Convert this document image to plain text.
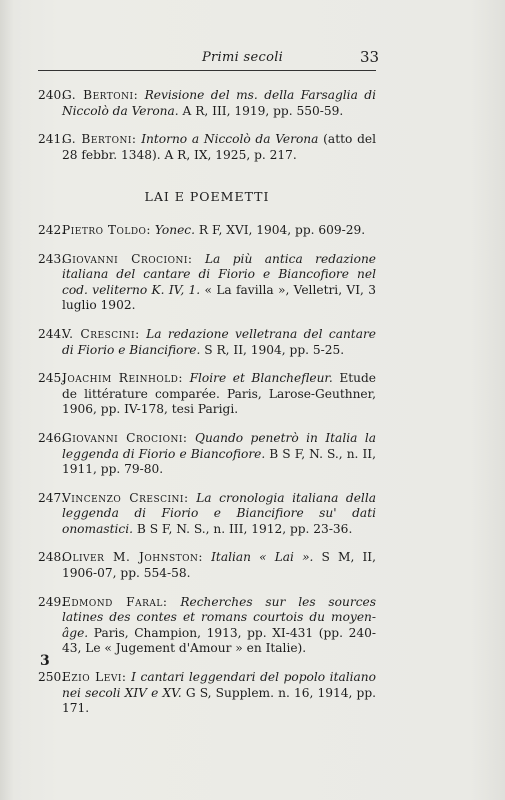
Primi secoli	33
240.
G. Bertoni: Revisione del ms. della Farsaglia di Niccolò da Verona. A R, III, 1919, pp. 550-59.
241.
G. Bertoni: Intorno a Niccolò da Verona (atto del 28 febbr. 1348). A R, IX, 1925, p. 217.
LAI E POEMETTI
242.
Pietro Toldo: Yonec. R F, XVI, 1904, pp. 609-29.
243.
Giovanni Crocioni: La più antica redazione italiana del cantare di Fiorio e Biancofiore nel cod. veliterno K. IV, 1. « La favilla », Velletri, VI, 3 luglio 1902.
244.
V. Crescini: La redazione velletrana del cantare di Fiorio e Biancifiore. S R, II, 1904, pp. 5-25.
245.
Joachim Reinhold: Floire et Blanchefleur. Etude de littérature comparée. Paris, Larose-Geuthner, 1906, pp. IV-178, tesi Parigi.
246.
Giovanni Crocioni: Quando penetrò in Italia la leggenda di Fiorio e Biancofiore. B S F, N. S., n. II, 1911, pp. 79-80.
247.
Vincenzo Crescini: La cronologia italiana della leggenda di Fiorio e Biancifiore su' dati onomastici. B S F, N. S., n. III, 1912, pp. 23-36.
248.
Oliver M. Johnston: Italian « Lai ». S M, II, 1906-07, pp. 554-58.
249.
Edmond Faral: Recherches sur les sources latines des contes et romans courtois du moyen-âge. Paris, Champion, 1913, pp. XI-431 (pp. 240-43, Le « Jugement d'Amour » en Italie).
250.
Ezio Levi: I cantari leggendari del popolo italiano nei secoli XIV e XV. G S, Supplem. n. 16, 1914, pp. 171.
3
